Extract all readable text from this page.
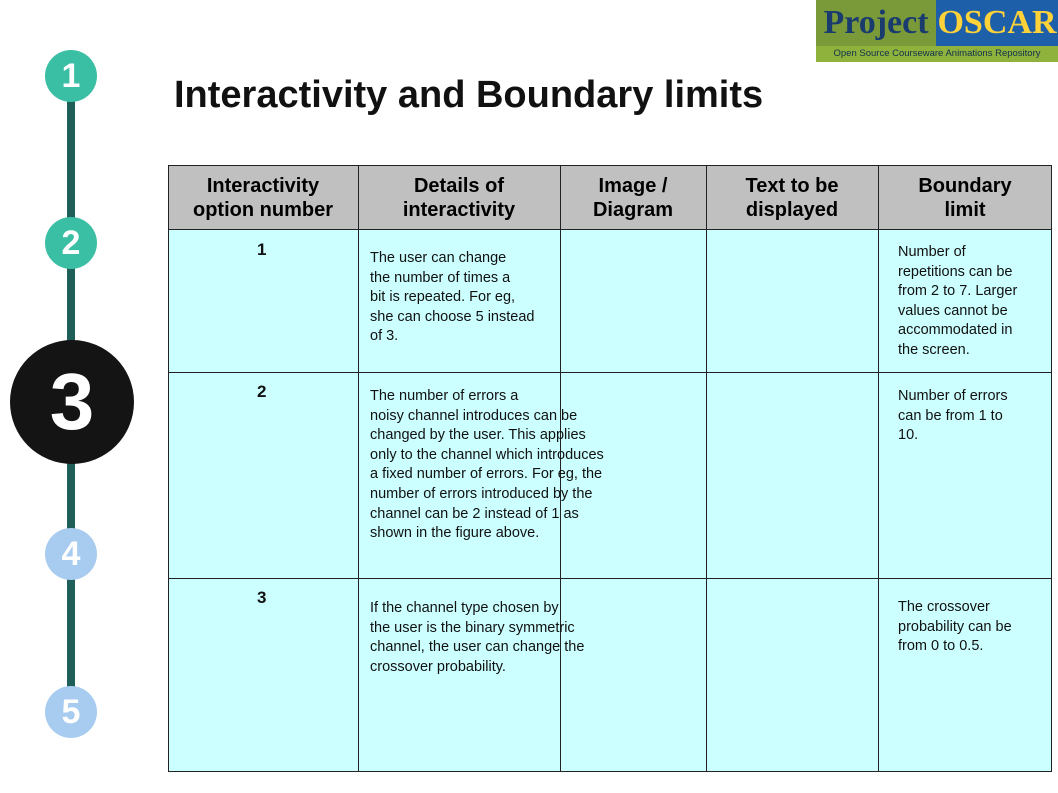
Project OSCAR
Open Source Courseware Animations Repository
1
2
3
4
5
Interactivity and Boundary limits
Interactivity
option number
Details of
interactivity
Image /
Diagram
Text to be
displayed
Boundary
limit
1	The user can change
the number of times a
bit is repeated. For eg,
she can choose 5 instead
of 3.
Number of
repetitions can be
from 2 to 7. Larger
values cannot be
accommodated in
the screen.
2	The number of errors a
noisy channel introduces can be
changed by the user. This applies
only to the channel which introduces
a fixed number of errors. For eg, the
number of errors introduced by the
channel can be 2 instead of 1 as
shown in the figure above.
Number of errors
can be from 1 to
10.
3
If the channel type chosen by
the user is the binary symmetric
channel, the user can change the
crossover probability.
The crossover
probability can be
from 0 to 0.5.
